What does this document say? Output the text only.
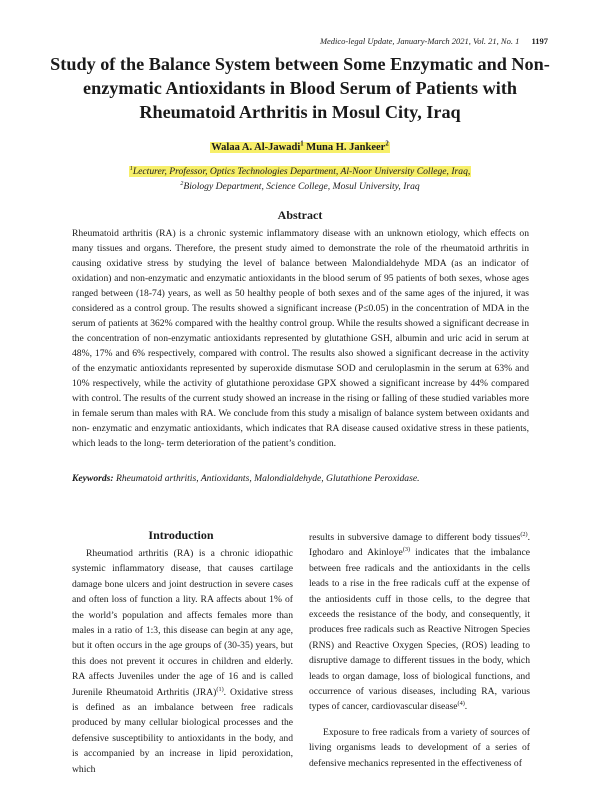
Medico-legal Update, January-March 2021, Vol. 21, No. 1 1197
Study of the Balance System between Some Enzymatic and Non-enzymatic Antioxidants in Blood Serum of Patients with Rheumatoid Arthritis in Mosul City, Iraq
Walaa A. Al-Jawadi$^1$ Muna H. Jankeer$^2$
$^1$Lecturer, Professor, Optics Technologies Department, Al-Noor University College, Iraq,
$^2$Biology Department, Science College, Mosul University, Iraq
Abstract

Rheumatoid arthritis (RA) is a chronic systemic inflammatory disease with an unknown etiology, which effects on many tissues and organs. Therefore, the present study aimed to demonstrate the role of the rheumatoid arthritis in causing oxidative stress by studying the level of balance between Malondialdehyde MDA (as an indicator of oxidation) and non-enzymatic and enzymatic antioxidants in the blood serum of 95 patients of both sexes, whose ages ranged between (18-74) years, as well as 50 healthy people of both sexes and of the same ages of the injured, it was considered as a control group. The results showed a significant increase (P≤0.05) in the concentration of MDA in the serum of patients at 362% compared with the healthy control group. While the results showed a significant decrease in the concentration of non-enzymatic antioxidants represented by glutathione GSH, albumin and uric acid in serum at 48%, 17% and 6% respectively, compared with control. The results also showed a significant decrease in the activity of the enzymatic antioxidants represented by superoxide dismutase SOD and ceruloplasmin in the serum at 63% and 10% respectively, while the activity of glutathione peroxidase GPX showed a significant increase by 44% compared with control. The results of the current study showed an increase in the rising or falling of these studied variables more in female serum than males with RA. We conclude from this study a misalign of balance system between oxidants and non- enzymatic and enzymatic antioxidants, which indicates that RA disease caused oxidative stress in these patients, which leads to the long- term deterioration of the patient’s condition.

Keywords: Rheumatoid arthritis, Antioxidants, Malondialdehyde, Glutathione Peroxidase.

Introduction

Rheumatiod arthritis (RA) is a chronic idiopathic systemic inflammatory disease, that causes cartilage damage bone ulcers and joint destruction in severe cases and often loss of function a lity. RA affects about 1% of the world’s population and affects females more than males in a ratio of 1:3, this disease can begin at any age, but it often occurs in the age groups of (30-35) years, but this does not prevent it occures in children and elderly. RA affects Juveniles under the age of 16 and is called Jurenile Rheumatoid Arthritis (JRA)$^{(1)}$. Oxidative stress is defined as an imbalance between free radicals produced by many cellular biological processes and the defensive susceptibility to antioxidants in the body, and is accompanied by an increase in lipid peroxidation, which

results in subversive damage to different body tissues$^{(2)}$. Ighodaro and Akinloye$^{(3)}$ indicates that the imbalance between free radicals and the antioxidants in the cells leads to a rise in the free radicals cuff at the expense of the antiosidents cuff in those cells, to the degree that exceeds the resistance of the body, and consequently, it produces free radicals such as Reactive Nitrogen Species (RNS) and Reactive Oxygen Species, (ROS) leading to disruptive damage to different tissues in the body, which leads to organ damage, loss of biological functions, and occurrence of various diseases, including RA, various types of cancer, cardiovascular disease$^{(4)}$.

Exposure to free radicals from a variety of sources of living organisms leads to development of a series of defensive mechanics represented in the effectiveness of
